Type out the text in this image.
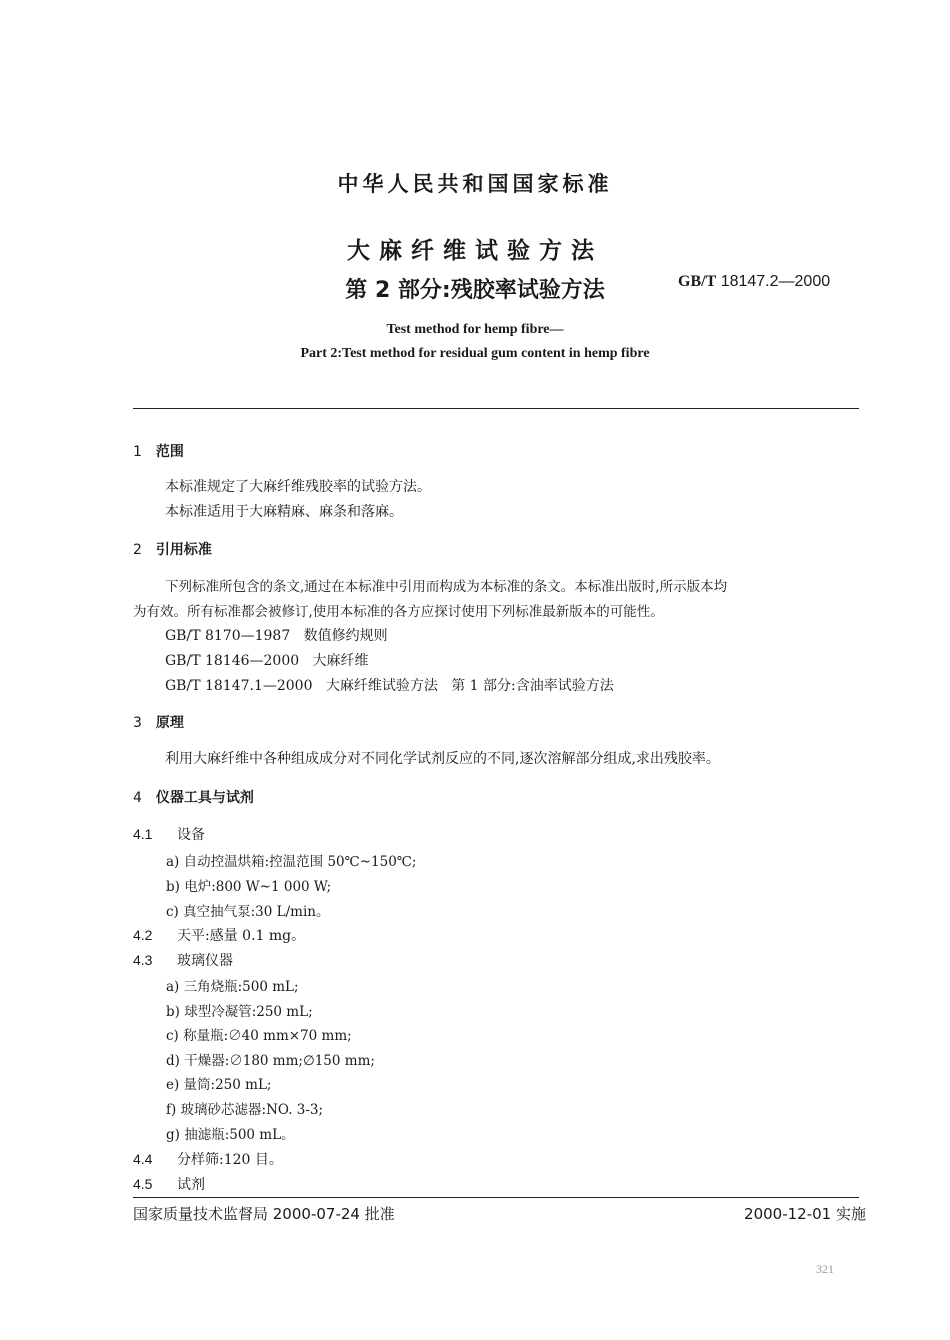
中华人民共和国国家标准
大麻纤维试验方法
第 2 部分:残胶率试验方法	GB/T 18147.2—2000
Test method for hemp fibre—
Part 2:Test method for residual gum content in hemp fibre
1 范围
本标准规定了大麻纤维残胶率的试验方法。
本标准适用于大麻精麻、麻条和落麻。
2 引用标准
下列标准所包含的条文,通过在本标准中引用而构成为本标准的条文。本标准出版时,所示版本均
为有效。所有标准都会被修订,使用本标准的各方应探讨使用下列标准最新版本的可能性。
GB/T 8170—1987   数值修约规则
GB/T 18146—2000   大麻纤维
GB/T 18147.1—2000   大麻纤维试验方法   第 1 部分:含油率试验方法
3 原理
利用大麻纤维中各种组成成分对不同化学试剂反应的不同,逐次溶解部分组成,求出残胶率。
4 仪器工具与试剂
4.1 设备
a) 自动控温烘箱:控温范围 50℃~150℃;
b) 电炉:800 W~1 000 W;
c) 真空抽气泵:30 L/min。
4.2 天平:感量 0.1 mg。
4.3 玻璃仪器
a) 三角烧瓶:500 mL;
b) 球型冷凝管:250 mL;
c) 称量瓶:∅40 mm×70 mm;
d) 干燥器:∅180 mm;∅150 mm;
e) 量筒:250 mL;
f) 玻璃砂芯滤器:NO. 3-3;
g) 抽滤瓶:500 mL。
4.4 分样筛:120 目。
4.5 试剂
国家质量技术监督局 2000-07-24 批准	2000-12-01 实施
321
